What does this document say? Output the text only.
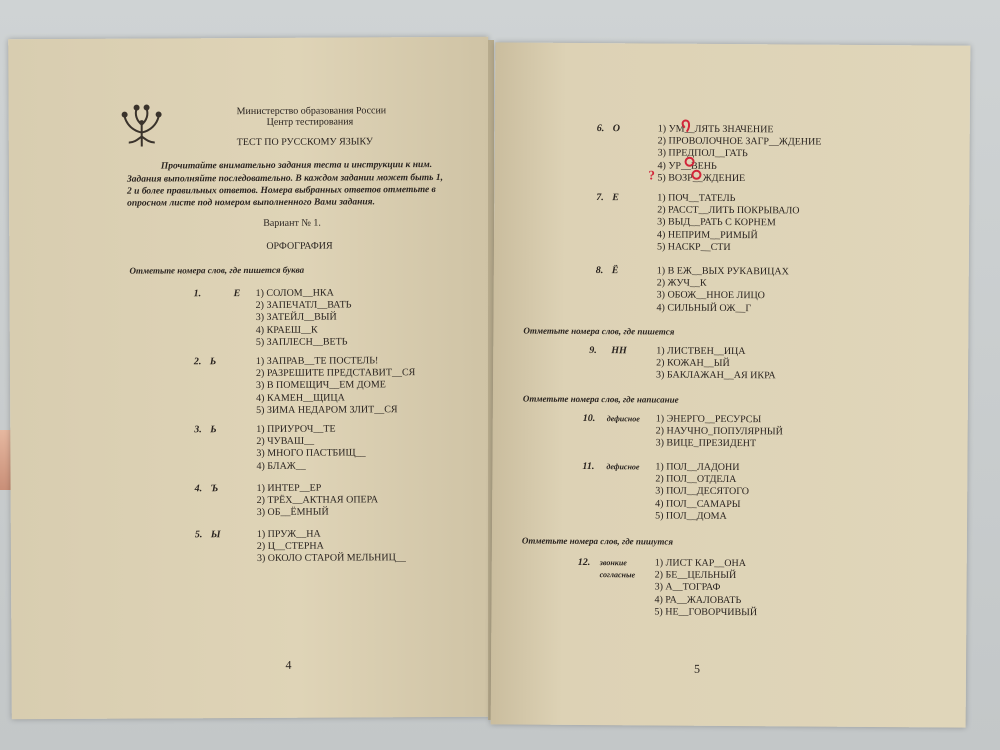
Министерство образования России
Центр тестирования
ТЕСТ ПО РУССКОМУ ЯЗЫКУ
Прочитайте внимательно задания теста и инструкции к ним.
Задания выполняйте последовательно. В каждом задании может быть 1,
2 и более правильных ответов. Номера выбранных ответов отметьте в
опросном листе под номером выполненного Вами задания.
Вариант № 1.
ОРФОГРАФИЯ
Отметьте номера слов, где пишется буква
1.	Е 1) СОЛОМ__НКА
2) ЗАПЕЧАТЛ__ВАТЬ
3) ЗАТЕЙЛ__ВЫЙ
4) КРАЕШ__К
5) ЗАПЛЕСН__ВЕТЬ
2. Ь	1) ЗАПРАВ__ТЕ ПОСТЕЛЬ!
2) РАЗРЕШИТЕ ПРЕДСТАВИТ__СЯ
3) В ПОМЕЩИЧ__ЕМ ДОМЕ
4) КАМЕН__ЩИЦА
5) ЗИМА НЕДАРОМ ЗЛИТ__СЯ
3. Ь	1) ПРИУРОЧ__ТЕ
2) ЧУВАШ__
3) МНОГО ПАСТБИЩ__
4) БЛАЖ__
4. Ъ	1) ИНТЕР__ЕР
2) ТРЁХ__АКТНАЯ ОПЕРА
3) ОБ__ЁМНЫЙ
5. Ы	1) ПРУЖ__НА
2) Ц__СТЕРНА
3) ОКОЛО СТАРОЙ МЕЛЬНИЦ__
4
6. О	1) УМ__ЛЯТЬ ЗНАЧЕНИЕ
2) ПРОВОЛОЧНОЕ ЗАГР__ЖДЕНИЕ
3) ПРЕДПОЛ__ГАТЬ
4) УР__ВЕНЬ
5) ВОЗР__ЖДЕНИЕ
?
7. Е	1) ПОЧ__ТАТЕЛЬ
2) РАССТ__ЛИТЬ ПОКРЫВАЛО
3) ВЫД__РАТЬ С КОРНЕМ
4) НЕПРИМ__РИМЫЙ
5) НАСКР__СТИ
8. Ё	1) В ЕЖ__ВЫХ РУКАВИЦАХ
2) ЖУЧ__К
3) ОБОЖ__ННОЕ ЛИЦО
4) СИЛЬНЫЙ ОЖ__Г
Отметьте номера слов, где пишется
9. НН	1) ЛИСТВЕН__ИЦА
2) КОЖАН__ЫЙ
3) БАКЛАЖАН__АЯ ИКРА
Отметьте номера слов, где написание
10. дефисное 1) ЭНЕРГО__РЕСУРСЫ
2) НАУЧНО_ПОПУЛЯРНЫЙ
3) ВИЦЕ_ПРЕЗИДЕНТ
11. дефисное 1) ПОЛ__ЛАДОНИ
2) ПОЛ__ОТДЕЛА
3) ПОЛ__ДЕСЯТОГО
4) ПОЛ__САМАРЫ
5) ПОЛ__ДОМА
Отметьте номера слов, где пишутся
12. звонкие
согласные
1) ЛИСТ КАР__ОНА
2) БЕ__ЦЕЛЬНЫЙ
3) А__ТОГРАФ
4) РА__ЖАЛОВАТЬ
5) НЕ__ГОВОРЧИВЫЙ
5
